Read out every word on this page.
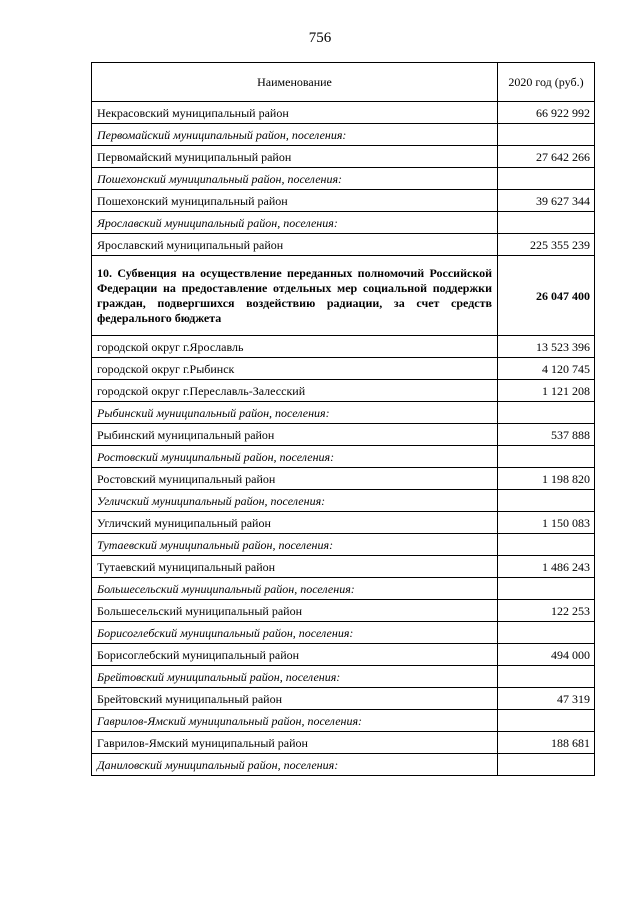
756
Наименование	2020 год (руб.)
Некрасовский муниципальный район	66 922 992
Первомайский муниципальный район, поселения:	
Первомайский муниципальный район	27 642 266
Пошехонский муниципальный район, поселения:	
Пошехонский муниципальный район	39 627 344
Ярославский муниципальный район, поселения:	
Ярославский муниципальный район	225 355 239
10. Субвенция на осуществление переданных полномочий Российской Федерации на предоставление отдельных мер социальной поддержки граждан, подвергшихся воздействию радиации, за счет средств федерального бюджета	26 047 400
городской округ г.Ярославль	13 523 396
городской округ г.Рыбинск	4 120 745
городской округ г.Переславль-Залесский	1 121 208
Рыбинский муниципальный район, поселения:	
Рыбинский муниципальный район	537 888
Ростовский муниципальный район, поселения:	
Ростовский муниципальный район	1 198 820
Угличский муниципальный район, поселения:	
Угличский муниципальный район	1 150 083
Тутаевский муниципальный район, поселения:	
Тутаевский муниципальный район	1 486 243
Большесельский муниципальный район, поселения:	
Большесельский муниципальный район	122 253
Борисоглебский муниципальный район, поселения:	
Борисоглебский муниципальный район	494 000
Брейтовский муниципальный район, поселения:	
Брейтовский муниципальный район	47 319
Гаврилов-Ямский муниципальный район, поселения:	
Гаврилов-Ямский муниципальный район	188 681
Даниловский муниципальный район, поселения:	
